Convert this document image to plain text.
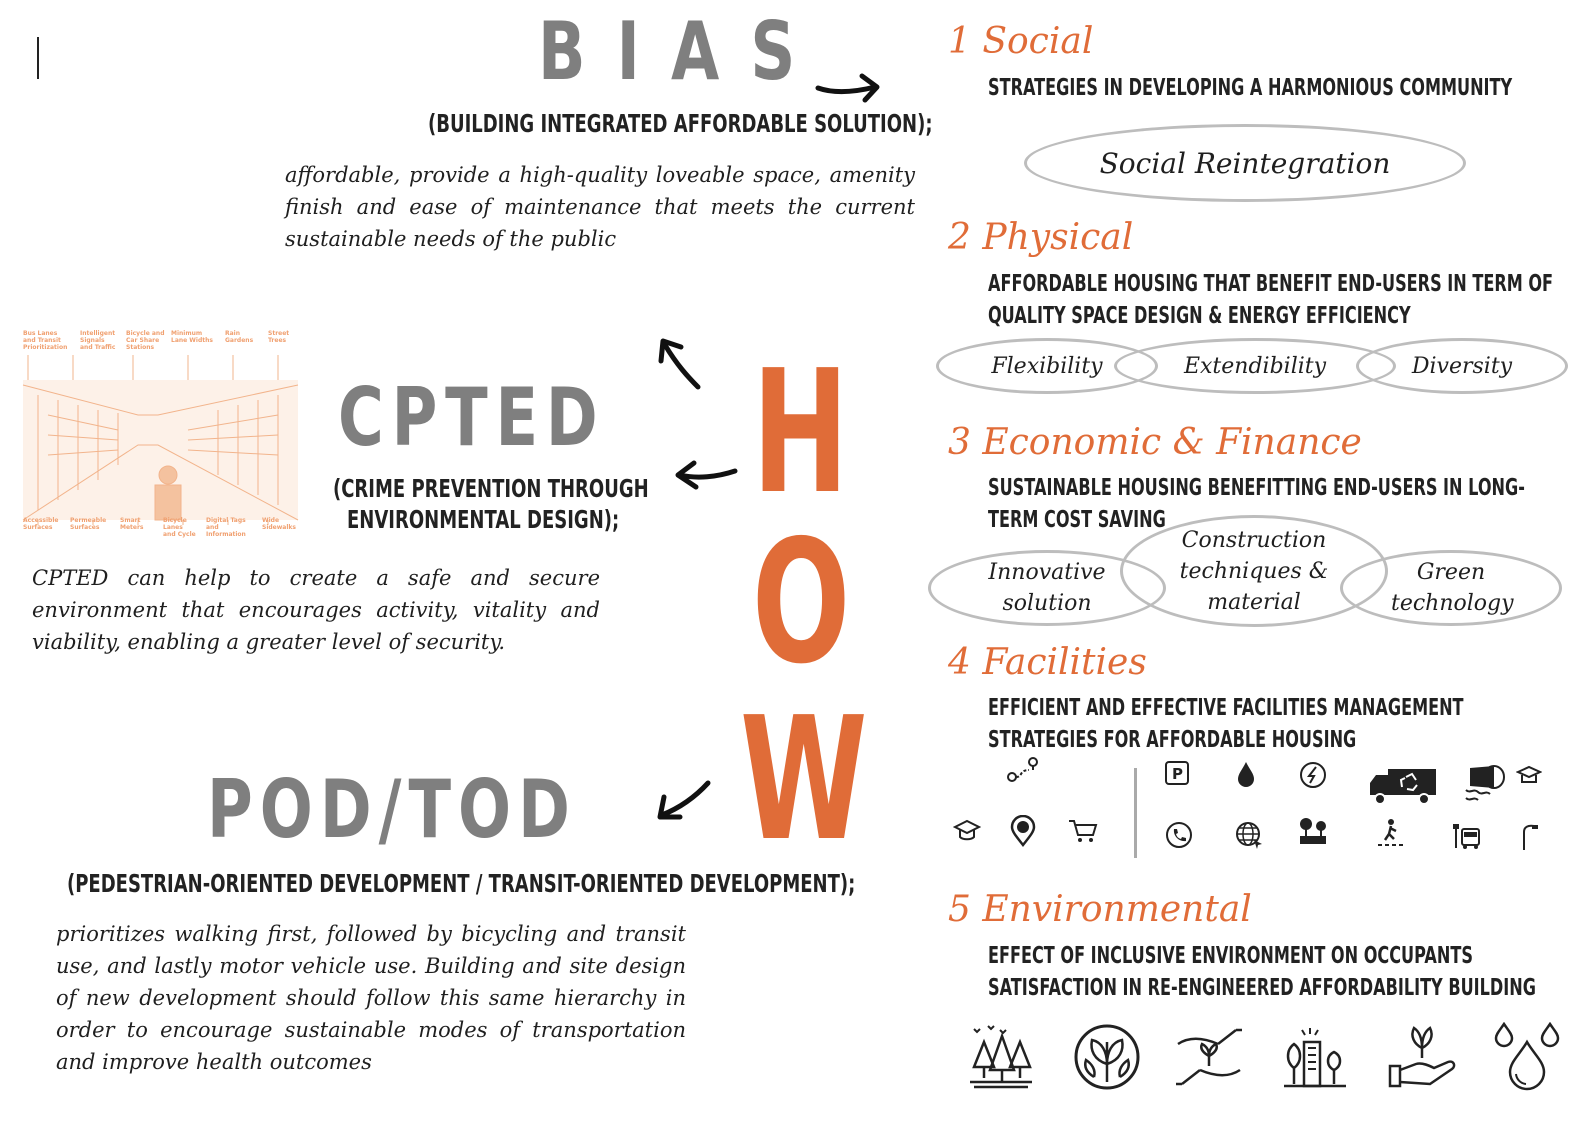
B I A S
(BUILDING INTEGRATED AFFORDABLE SOLUTION);
affordable, provide a high-quality loveable space, amenity finish and ease of maintenance that meets the current sustainable needs of the public
Bus Lanes
and Transit
Prioritization
Intelligent
Signals
and Traffic
Bicycle and
Car Share
Stations
Minimum
Lane Widths
Rain
Gardens
Street
Trees
Accessible
Surfaces
Permeable
Surfaces
Smart
Meters
Bicycle
Lanes
and Cycle
Digital Tags
and
Information
Wide
Sidewalks
CPTED
(CRIME PREVENTION THROUGH
ENVIRONMENTAL DESIGN);
CPTED can help to create a safe and secure environment that encourages activity, vitality and viability, enabling a greater level of security.
H
O
W
POD/TOD
(PEDESTRIAN-ORIENTED DEVELOPMENT / TRANSIT-ORIENTED DEVELOPMENT);
prioritizes walking first, followed by bicycling and transit use, and lastly motor vehicle use. Building and site design of new development should follow this same hierarchy in order to encourage sustainable modes of transportation and improve health outcomes
1 Social
STRATEGIES IN DEVELOPING A HARMONIOUS COMMUNITY
Social Reintegration
2 Physical
AFFORDABLE HOUSING THAT BENEFIT END-USERS IN TERM OF QUALITY SPACE DESIGN & ENERGY EFFICIENCY
Flexibility	Extendibility	Diversity
3 Economic & Finance
SUSTAINABLE HOUSING BENEFITTING END-USERS IN LONG-TERM COST SAVING
Innovative solution
Construction techniques & material
Green technology
4 Facilities
EFFICIENT AND EFFECTIVE FACILITIES MANAGEMENT STRATEGIES FOR AFFORDABLE HOUSING
P
5 Environmental
EFFECT OF INCLUSIVE ENVIRONMENT ON OCCUPANTS SATISFACTION IN RE-ENGINEERED AFFORDABILITY BUILDING
